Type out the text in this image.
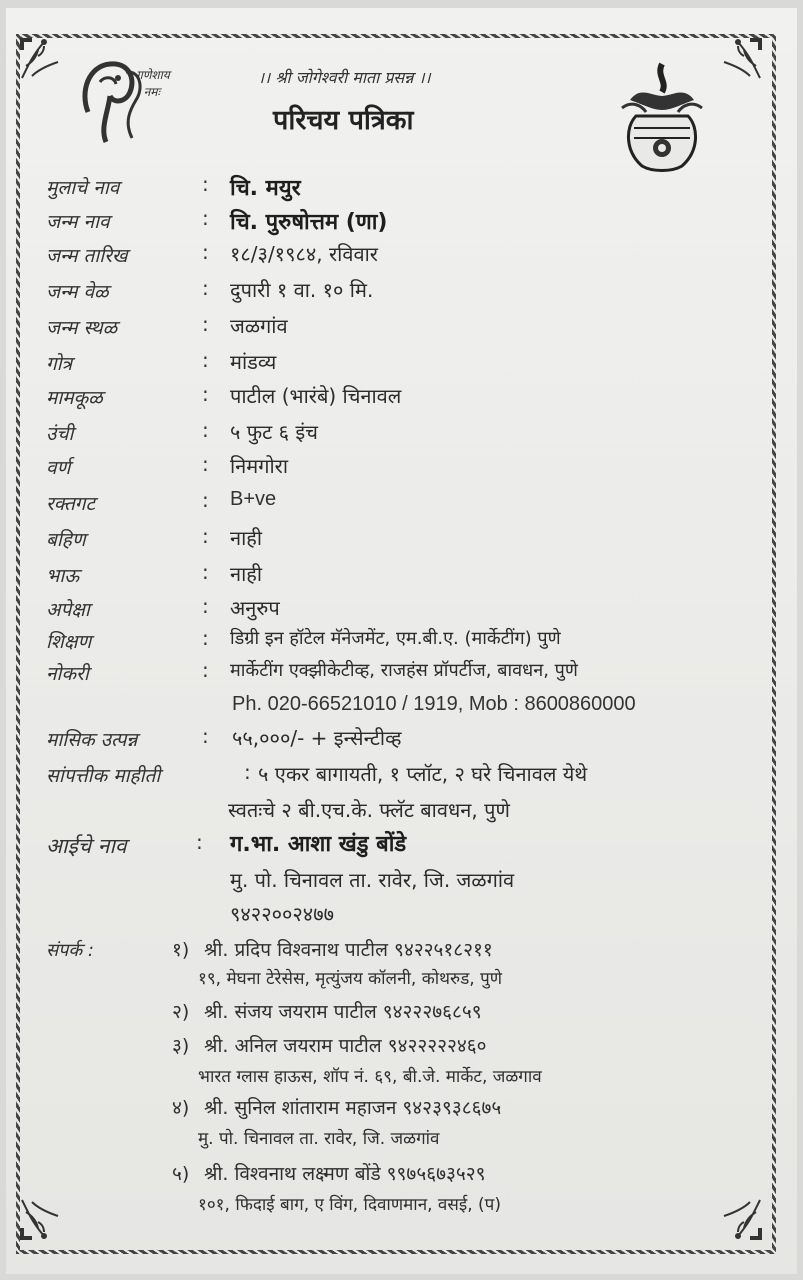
गणेशाय
नमः
।। श्री जोगेश्वरी माता प्रसन्न ।।
परिचय पत्रिका
मुलाचे नाव	: चि. मयुर
जन्म नाव	: चि. पुरुषोत्तम (णा)
जन्म तारिख	: १८/३/१९८४, रविवार
जन्म वेळ	: दुपारी १ वा. १० मि.
जन्म स्थळ	: जळगांव
गोत्र	: मांडव्य
मामकूळ	: पाटील (भारंबे) चिनावल
उंची	: ५ फुट ६ इंच
वर्ण	: निमगोरा
रक्तगट	: B+ve
बहिण	: नाही
भाऊ	: नाही
अपेक्षा	: अनुरुप
शिक्षण	: डिग्री इन हॉटेल मॅनेजमेंट, एम.बी.ए. (मार्केटींग) पुणे
नोकरी	: मार्केटींग एक्झीकेटीव्ह, राजहंस प्रॉपर्टीज, बावधन, पुणे
Ph. 020-66521010 / 1919, Mob : 8600860000
मासिक उत्पन्न	: ५५,०००/- + इन्सेन्टीव्ह
सांपत्तीक माहीती	: ५ एकर बागायती, १ प्लॉट, २ घरे चिनावल येथे
स्वतःचे २ बी.एच.के. फ्लॅट बावधन, पुणे
आईचे नाव	: ग.भा. आशा खंडु बोंडे
मु. पो. चिनावल ता. रावेर, जि. जळगांव
९४२२००२४७७
संपर्क :	१) श्री. प्रदिप विश्वनाथ पाटील ९४२२५१८२११
१९, मेघना टेरेसेस, मृत्युंजय कॉलनी, कोथरुड, पुणे
२) श्री. संजय जयराम पाटील ९४२२२७६८५९
३) श्री. अनिल जयराम पाटील ९४२२२२२४६०
भारत ग्लास हाऊस, शॉप नं. ६९, बी.जे. मार्केट, जळगाव
४) श्री. सुनिल शांताराम महाजन ९४२३९३८६७५
मु. पो. चिनावल ता. रावेर, जि. जळगांव
५) श्री. विश्वनाथ लक्ष्मण बोंडे ९९७५६७३५२९
१०१, फिदाई बाग, ए विंग, दिवाणमान, वसई, (प)
